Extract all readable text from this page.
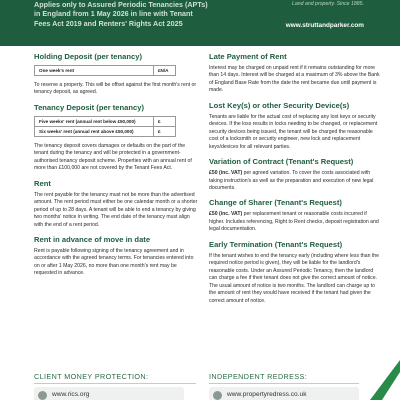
Applies only to Assured Periodic Tenancies (APTs)
in England from 1 May 2026 in line with Tenant
Fees Act 2019 and Renters' Rights Act 2025
Land and property. Since 1885.
www.struttandparker.com
Holding Deposit (per tenancy)
One week's rent	£N/A
To reserve a property. This will be offset against the first month's rent or tenancy deposit, as agreed.
Tenancy Deposit (per tenancy)
Five weeks' rent (annual rent below £50,000)	£
Six weeks' rent (annual rent above £50,000)	£
The tenancy deposit covers damages or defaults on the part of the tenant during the tenancy and will be protected in a government-authorised tenancy deposit scheme. Properties with an annual rent of more than £100,000 are not covered by the Tenant Fees Act.
Rent
The rent payable for the tenancy must not be more than the advertised amount. The rent period must either be one calendar month or a shorter period of up to 28 days. A tenant will be able to end a tenancy by giving two months' notice in writing. The end date of the tenancy must align with the end of a rent period.
Rent in advance of move in date
Rent is payable following signing of the tenancy agreement and in accordance with the agreed tenancy terms. For tenancies entered into on or after 1 May 2026, no more than one month's rent may be requested in advance.
Late Payment of Rent
Interest may be charged on unpaid rent if it remains outstanding for more than 14 days. Interest will be charged at a maximum of 3% above the Bank of England Base Rate from the date the rent became due until payment is made.
Lost Key(s) or other Security Device(s)
Tenants are liable for the actual cost of replacing any lost keys or security devices. If the loss results in locks needing to be changed, or replacement security devices being issued, the tenant will be charged the reasonable cost of a locksmith or security engineer, new lock and replacement keys/devices for all relevant parties.
Variation of Contract (Tenant's Request)
£50 (inc. VAT) per agreed variation. To cover the costs associated with taking instruction's as well as the preparation and execution of new legal documents.
Change of Sharer (Tenant's Request)
£50 (inc. VAT) per replacement tenant or reasonable costs incurred if higher. Includes referencing, Right to Rent checks, deposit registration and legal documentation.
Early Termination (Tenant's Request)
If the tenant wishes to end the tenancy early (including where less than the required notice period is given), they will be liable for the landlord's reasonable costs. Under an Assured Periodic Tenancy, then the landlord can charge a fee if their tenant does not give the correct amount of notice. The usual amount of notice is two months. The landlord can charge up to the amount of rent they would have received if the tenant had given the correct amount of notice.
CLIENT MONEY PROTECTION:
www.rics.org
INDEPENDENT REDRESS:
www.propertyredress.co.uk
